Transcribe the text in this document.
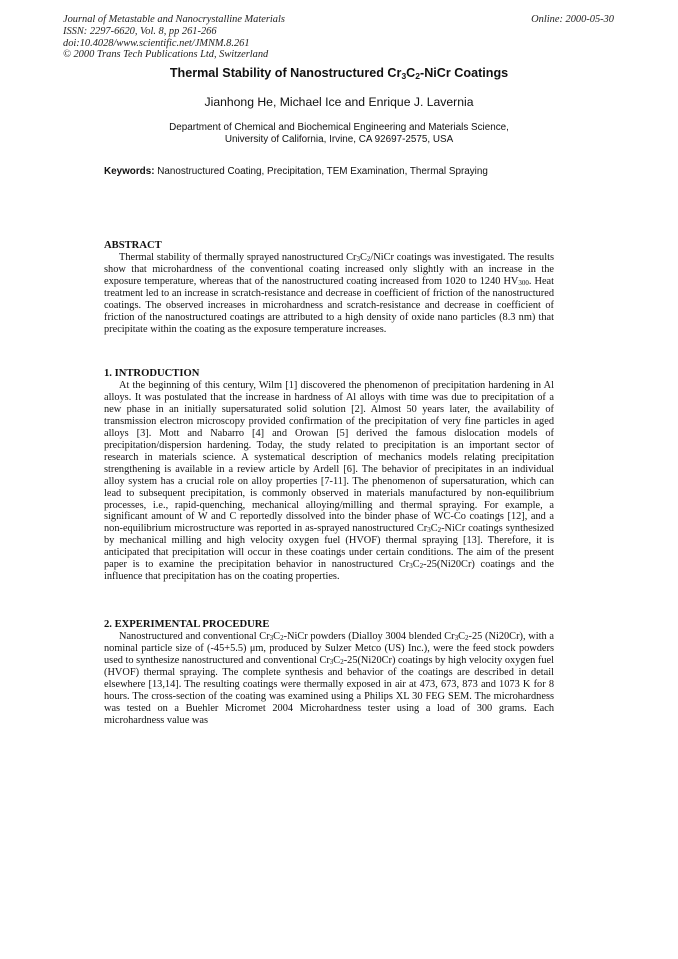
Journal of Metastable and Nanocrystalline Materials
ISSN: 2297-6620, Vol. 8, pp 261-266
doi:10.4028/www.scientific.net/JMNM.8.261
© 2000 Trans Tech Publications Ltd, Switzerland
Online: 2000-05-30
Thermal Stability of Nanostructured $Cr_3C_2$-NiCr Coatings
Jianhong He, Michael Ice and Enrique J. Lavernia
Department of Chemical and Biochemical Engineering and Materials Science,
University of California, Irvine, CA 92697-2575, USA
Keywords: Nanostructured Coating, Precipitation, TEM Examination, Thermal Spraying
ABSTRACT

Thermal stability of thermally sprayed nanostructured $Cr_3C_2$/NiCr coatings was investigated. The results show that microhardness of the conventional coating increased only slightly with an increase in the exposure temperature, whereas that of the nanostructured coating increased from 1020 to 1240 $HV_{300}$. Heat treatment led to an increase in scratch-resistance and decrease in coefficient of friction of the nanostructured coatings. The observed increases in microhardness and scratch-resistance and decrease in coefficient of friction of the nanostructured coatings are attributed to a high density of oxide nano particles (8.3 nm) that precipitate within the coating as the exposure temperature increases.

1. INTRODUCTION

At the beginning of this century, Wilm [1] discovered the phenomenon of precipitation hardening in Al alloys. It was postulated that the increase in hardness of Al alloys with time was due to precipitation of a new phase in an initially supersaturated solid solution [2]. Almost 50 years later, the availability of transmission electron microscopy provided confirmation of the precipitation of very fine particles in aged alloys [3]. Mott and Nabarro [4] and Orowan [5] derived the famous dislocation models of precipitation/dispersion hardening. Today, the study related to precipitation is an important sector of research in materials science. A systematical description of mechanics models relating precipitation strengthening is available in a review article by Ardell [6]. The behavior of precipitates in an individual alloy system has a crucial role on alloy properties [7-11]. The phenomenon of supersaturation, which can lead to subsequent precipitation, is commonly observed in materials manufactured by non-equilibrium processes, i.e., rapid-quenching, mechanical alloying/milling and thermal spraying. For example, a significant amount of W and C reportedly dissolved into the binder phase of WC-Co coatings [12], and a non-equilibrium microstructure was reported in as-sprayed nanostructured $Cr_3C_2$-NiCr coatings synthesized by mechanical milling and high velocity oxygen fuel (HVOF) thermal spraying [13]. Therefore, it is anticipated that precipitation will occur in these coatings under certain conditions. The aim of the present paper is to examine the precipitation behavior in nanostructured $Cr_3C_2-25(Ni20Cr)$ coatings and the influence that precipitation has on the coating properties.

2. EXPERIMENTAL PROCEDURE

Nanostructured and conventional $Cr_3C_2$-NiCr powders (Dialloy 3004 blended $Cr_3C_2-25$ (Ni20Cr), with a nominal particle size of (-45+5.5) μm, produced by Sulzer Metco (US) Inc.), were the feed stock powders used to synthesize nanostructured and conventional $Cr_3C_2-25(Ni20Cr)$ coatings by high velocity oxygen fuel (HVOF) thermal spraying. The complete synthesis and behavior of the coatings are described in detail elsewhere [13,14]. The resulting coatings were thermally exposed in air at 473, 673, 873 and 1073 K for 8 hours. The cross-section of the coating was examined using a Philips XL 30 FEG SEM. The microhardness was tested on a Buehler Micromet 2004 Microhardness tester using a load of 300 grams. Each microhardness value was
